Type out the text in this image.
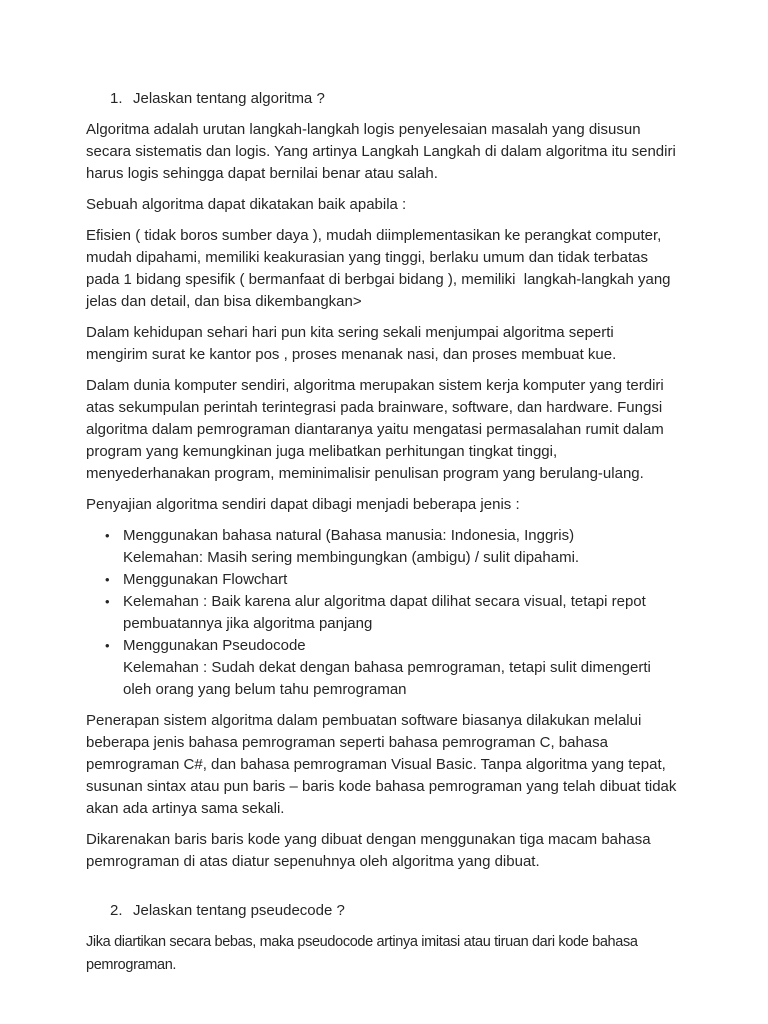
1. Jelaskan tentang algoritma ?

Algoritma adalah urutan langkah-langkah logis penyelesaian masalah yang disusun secara sistematis dan logis. Yang artinya Langkah Langkah di dalam algoritma itu sendiri harus logis sehingga dapat bernilai benar atau salah.

Sebuah algoritma dapat dikatakan baik apabila :

Efisien ( tidak boros sumber daya ), mudah diimplementasikan ke perangkat computer, mudah dipahami, memiliki keakurasian yang tinggi, berlaku umum dan tidak terbatas pada 1 bidang spesifik ( bermanfaat di berbgai bidang ), memiliki  langkah-langkah yang jelas dan detail, dan bisa dikembangkan>

Dalam kehidupan sehari hari pun kita sering sekali menjumpai algoritma seperti mengirim surat ke kantor pos , proses menanak nasi, dan proses membuat kue.

Dalam dunia komputer sendiri, algoritma merupakan sistem kerja komputer yang terdiri atas sekumpulan perintah terintegrasi pada brainware, software, dan hardware. Fungsi algoritma dalam pemrograman diantaranya yaitu mengatasi permasalahan rumit dalam program yang kemungkinan juga melibatkan perhitungan tingkat tinggi, menyederhanakan program, meminimalisir penulisan program yang berulang-ulang.

Penyajian algoritma sendiri dapat dibagi menjadi beberapa jenis :

• Menggunakan bahasa natural (Bahasa manusia: Indonesia, Inggris)
Kelemahan: Masih sering membingungkan (ambigu) / sulit dipahami.
• Menggunakan Flowchart
• Kelemahan : Baik karena alur algoritma dapat dilihat secara visual, tetapi repot pembuatannya jika algoritma panjang
• Menggunakan Pseudocode
Kelemahan : Sudah dekat dengan bahasa pemrograman, tetapi sulit dimengerti oleh orang yang belum tahu pemrograman

Penerapan sistem algoritma dalam pembuatan software biasanya dilakukan melalui beberapa jenis bahasa pemrograman seperti bahasa pemrograman C, bahasa pemrograman C#, dan bahasa pemrograman Visual Basic. Tanpa algoritma yang tepat, susunan sintax atau pun baris – baris kode bahasa pemrograman yang telah dibuat tidak akan ada artinya sama sekali.

Dikarenakan baris baris kode yang dibuat dengan menggunakan tiga macam bahasa pemrograman di atas diatur sepenuhnya oleh algoritma yang dibuat.

2. Jelaskan tentang pseudecode ?

Jika diartikan secara bebas, maka pseudocode artinya imitasi atau tiruan dari kode bahasa pemrograman.
